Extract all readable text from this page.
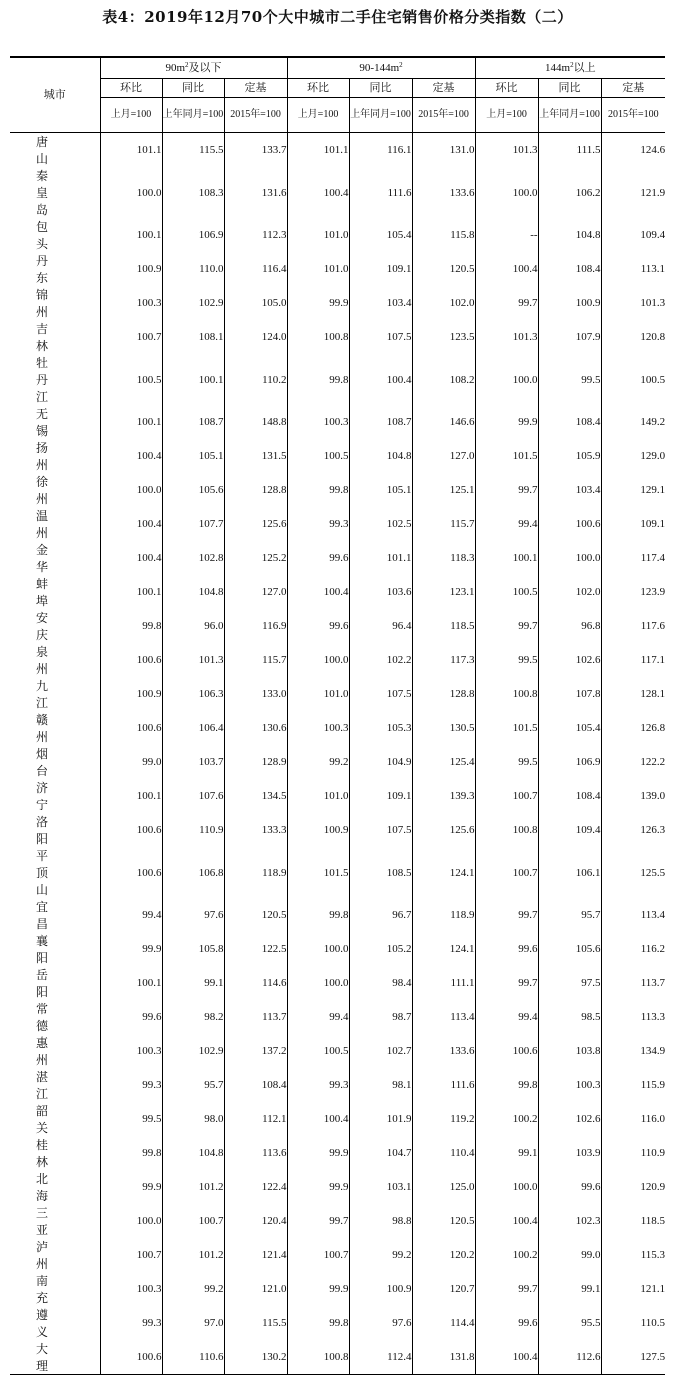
表4：2019年12月70个大中城市二手住宅销售价格分类指数（二）
城市	$90m^2$及以下			$90-144m^2$			$144m^2$以上		
	环比	同比	定基	环比	同比	定基	环比	同比	定基
	上月=100	上年同月=100	2015年=100	上月=100	上年同月=100	2015年=100	上月=100	上年同月=100	2015年=100
唐山	101.1	115.5	133.7	101.1	116.1	131.0	101.3	111.5	124.6
秦皇岛	100.0	108.3	131.6	100.4	111.6	133.6	100.0	106.2	121.9
包头	100.1	106.9	112.3	101.0	105.4	115.8	--	104.8	109.4
丹东	100.9	110.0	116.4	101.0	109.1	120.5	100.4	108.4	113.1
锦州	100.3	102.9	105.0	99.9	103.4	102.0	99.7	100.9	101.3
吉林	100.7	108.1	124.0	100.8	107.5	123.5	101.3	107.9	120.8
牡丹江	100.5	100.1	110.2	99.8	100.4	108.2	100.0	99.5	100.5
无锡	100.1	108.7	148.8	100.3	108.7	146.6	99.9	108.4	149.2
扬州	100.4	105.1	131.5	100.5	104.8	127.0	101.5	105.9	129.0
徐州	100.0	105.6	128.8	99.8	105.1	125.1	99.7	103.4	129.1
温州	100.4	107.7	125.6	99.3	102.5	115.7	99.4	100.6	109.1
金华	100.4	102.8	125.2	99.6	101.1	118.3	100.1	100.0	117.4
蚌埠	100.1	104.8	127.0	100.4	103.6	123.1	100.5	102.0	123.9
安庆	99.8	96.0	116.9	99.6	96.4	118.5	99.7	96.8	117.6
泉州	100.6	101.3	115.7	100.0	102.2	117.3	99.5	102.6	117.1
九江	100.9	106.3	133.0	101.0	107.5	128.8	100.8	107.8	128.1
赣州	100.6	106.4	130.6	100.3	105.3	130.5	101.5	105.4	126.8
烟台	99.0	103.7	128.9	99.2	104.9	125.4	99.5	106.9	122.2
济宁	100.1	107.6	134.5	101.0	109.1	139.3	100.7	108.4	139.0
洛阳	100.6	110.9	133.3	100.9	107.5	125.6	100.8	109.4	126.3
平顶山	100.6	106.8	118.9	101.5	108.5	124.1	100.7	106.1	125.5
宜昌	99.4	97.6	120.5	99.8	96.7	118.9	99.7	95.7	113.4
襄阳	99.9	105.8	122.5	100.0	105.2	124.1	99.6	105.6	116.2
岳阳	100.1	99.1	114.6	100.0	98.4	111.1	99.7	97.5	113.7
常德	99.6	98.2	113.7	99.4	98.7	113.4	99.4	98.5	113.3
惠州	100.3	102.9	137.2	100.5	102.7	133.6	100.6	103.8	134.9
湛江	99.3	95.7	108.4	99.3	98.1	111.6	99.8	100.3	115.9
韶关	99.5	98.0	112.1	100.4	101.9	119.2	100.2	102.6	116.0
桂林	99.8	104.8	113.6	99.9	104.7	110.4	99.1	103.9	110.9
北海	99.9	101.2	122.4	99.9	103.1	125.0	100.0	99.6	120.9
三亚	100.0	100.7	120.4	99.7	98.8	120.5	100.4	102.3	118.5
泸州	100.7	101.2	121.4	100.7	99.2	120.2	100.2	99.0	115.3
南充	100.3	99.2	121.0	99.9	100.9	120.7	99.7	99.1	121.1
遵义	99.3	97.0	115.5	99.8	97.6	114.4	99.6	95.5	110.5
大理	100.6	110.6	130.2	100.8	112.4	131.8	100.4	112.6	127.5
